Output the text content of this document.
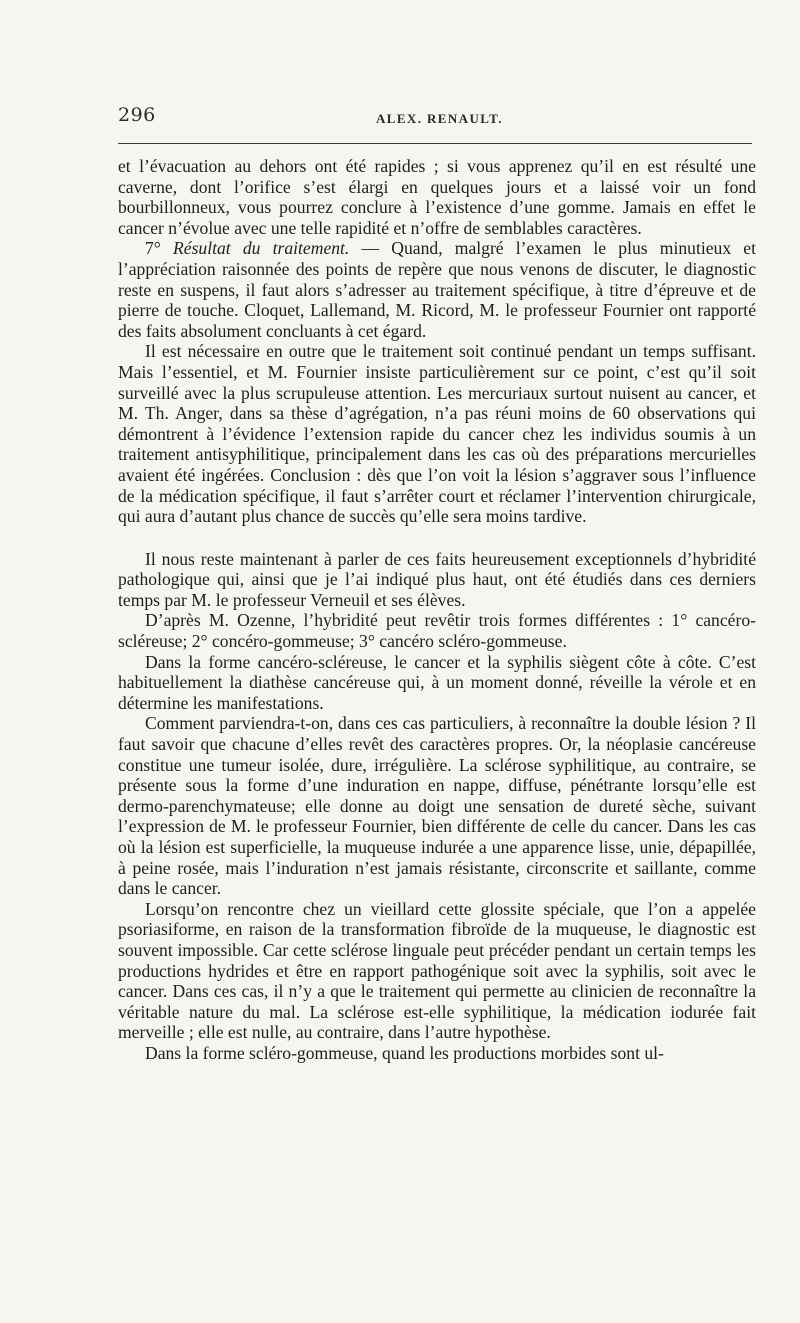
296	ALEX. RENAULT.

et l’évacuation au dehors ont été rapides ; si vous apprenez qu’il en est résulté une caverne, dont l’orifice s’est élargi en quelques jours et a laissé voir un fond bourbillonneux, vous pourrez conclure à l’existence d’une gomme. Jamais en effet le cancer n’évolue avec une telle rapidité et n’offre de semblables caractères.

7° Résultat du traitement. — Quand, malgré l’examen le plus minutieux et l’appréciation raisonnée des points de repère que nous venons de discuter, le diagnostic reste en suspens, il faut alors s’adresser au traitement spécifique, à titre d’épreuve et de pierre de touche. Cloquet, Lallemand, M. Ricord, M. le professeur Fournier ont rapporté des faits absolument concluants à cet égard.

Il est nécessaire en outre que le traitement soit continué pendant un temps suffisant. Mais l’essentiel, et M. Fournier insiste particulièrement sur ce point, c’est qu’il soit surveillé avec la plus scrupuleuse attention. Les mercuriaux surtout nuisent au cancer, et M. Th. Anger, dans sa thèse d’agrégation, n’a pas réuni moins de 60 observations qui démontrent à l’évidence l’extension rapide du cancer chez les individus soumis à un traitement antisyphilitique, principalement dans les cas où des préparations mercurielles avaient été ingérées. Conclusion : dès que l’on voit la lésion s’aggraver sous l’influence de la médication spécifique, il faut s’arrêter court et réclamer l’intervention chirurgicale, qui aura d’autant plus chance de succès qu’elle sera moins tardive.

Il nous reste maintenant à parler de ces faits heureusement exceptionnels d’hybridité pathologique qui, ainsi que je l’ai indiqué plus haut, ont été étudiés dans ces derniers temps par M. le professeur Verneuil et ses élèves.

D’après M. Ozenne, l’hybridité peut revêtir trois formes différentes : 1° cancéro-scléreuse; 2° concéro-gommeuse; 3° cancéro scléro-gommeuse.

Dans la forme cancéro-scléreuse, le cancer et la syphilis siègent côte à côte. C’est habituellement la diathèse cancéreuse qui, à un moment donné, réveille la vérole et en détermine les manifestations.

Comment parviendra-t-on, dans ces cas particuliers, à reconnaître la double lésion ? Il faut savoir que chacune d’elles revêt des caractères propres. Or, la néoplasie cancéreuse constitue une tumeur isolée, dure, irrégulière. La sclérose syphilitique, au contraire, se présente sous la forme d’une induration en nappe, diffuse, pénétrante lorsqu’elle est dermo-parenchymateuse; elle donne au doigt une sensation de dureté sèche, suivant l’expression de M. le professeur Fournier, bien différente de celle du cancer. Dans les cas où la lésion est superficielle, la muqueuse indurée a une apparence lisse, unie, dépapillée, à peine rosée, mais l’induration n’est jamais résistante, circonscrite et saillante, comme dans le cancer.

Lorsqu’on rencontre chez un vieillard cette glossite spéciale, que l’on a appelée psoriasiforme, en raison de la transformation fibroïde de la muqueuse, le diagnostic est souvent impossible. Car cette sclérose linguale peut précéder pendant un certain temps les productions hydrides et être en rapport pathogénique soit avec la syphilis, soit avec le cancer. Dans ces cas, il n’y a que le traitement qui permette au clinicien de reconnaître la véritable nature du mal. La sclérose est-elle syphilitique, la médication iodurée fait merveille ; elle est nulle, au contraire, dans l’autre hypothèse.

Dans la forme scléro-gommeuse, quand les productions morbides sont ul-
